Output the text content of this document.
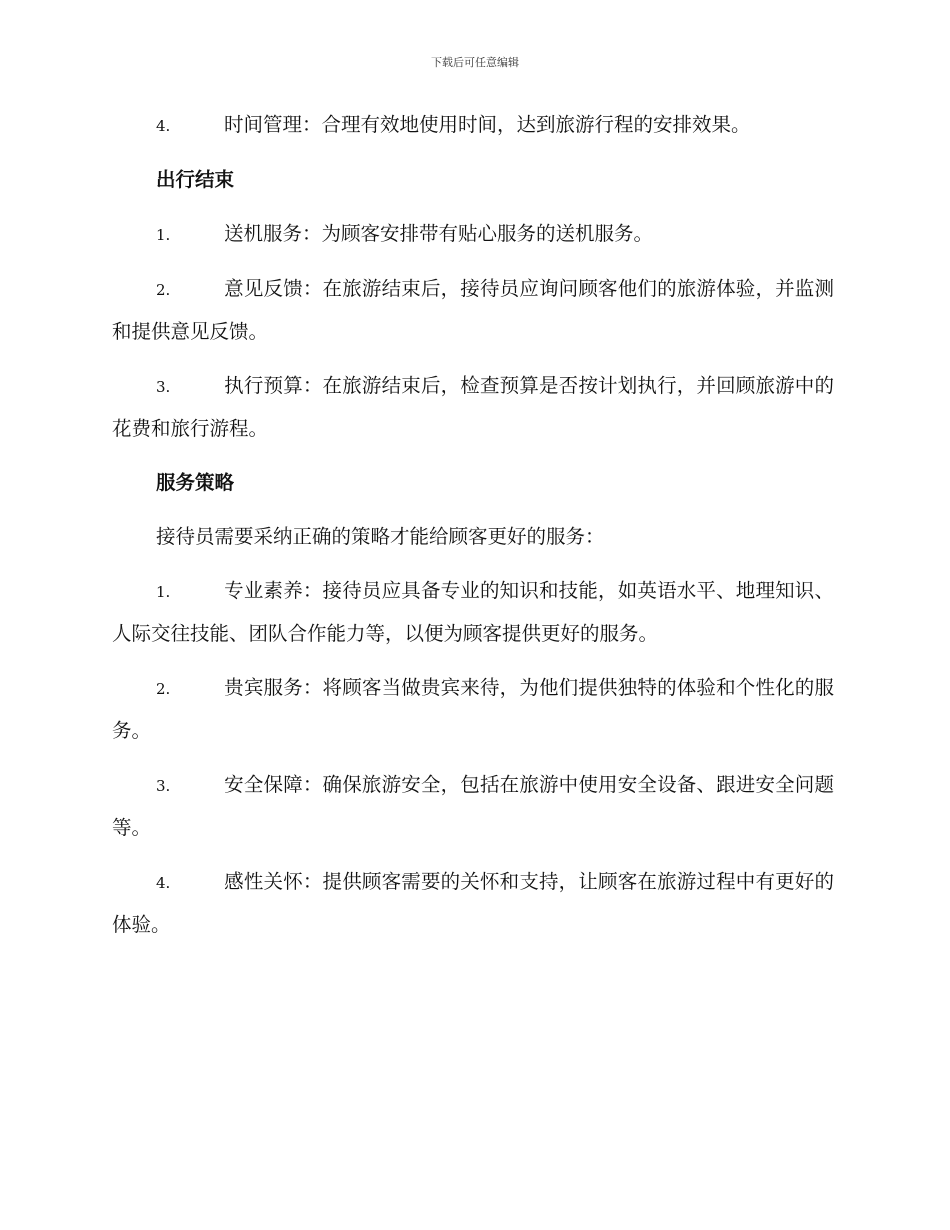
下载后可任意编辑

4.	时间管理：合理有效地使用时间，达到旅游行程的安排效果。

出行结束

1.	送机服务：为顾客安排带有贴心服务的送机服务。

2.	意见反馈：在旅游结束后，接待员应询问顾客他们的旅游体验，并监测和提供意见反馈。

3.	执行预算：在旅游结束后，检查预算是否按计划执行，并回顾旅游中的花费和旅行游程。

服务策略

接待员需要采纳正确的策略才能给顾客更好的服务：

1.	专业素养：接待员应具备专业的知识和技能，如英语水平、地理知识、人际交往技能、团队合作能力等，以便为顾客提供更好的服务。

2.	贵宾服务：将顾客当做贵宾来待，为他们提供独特的体验和个性化的服务。

3.	安全保障：确保旅游安全，包括在旅游中使用安全设备、跟进安全问题等。

4.	感性关怀：提供顾客需要的关怀和支持，让顾客在旅游过程中有更好的体验。
